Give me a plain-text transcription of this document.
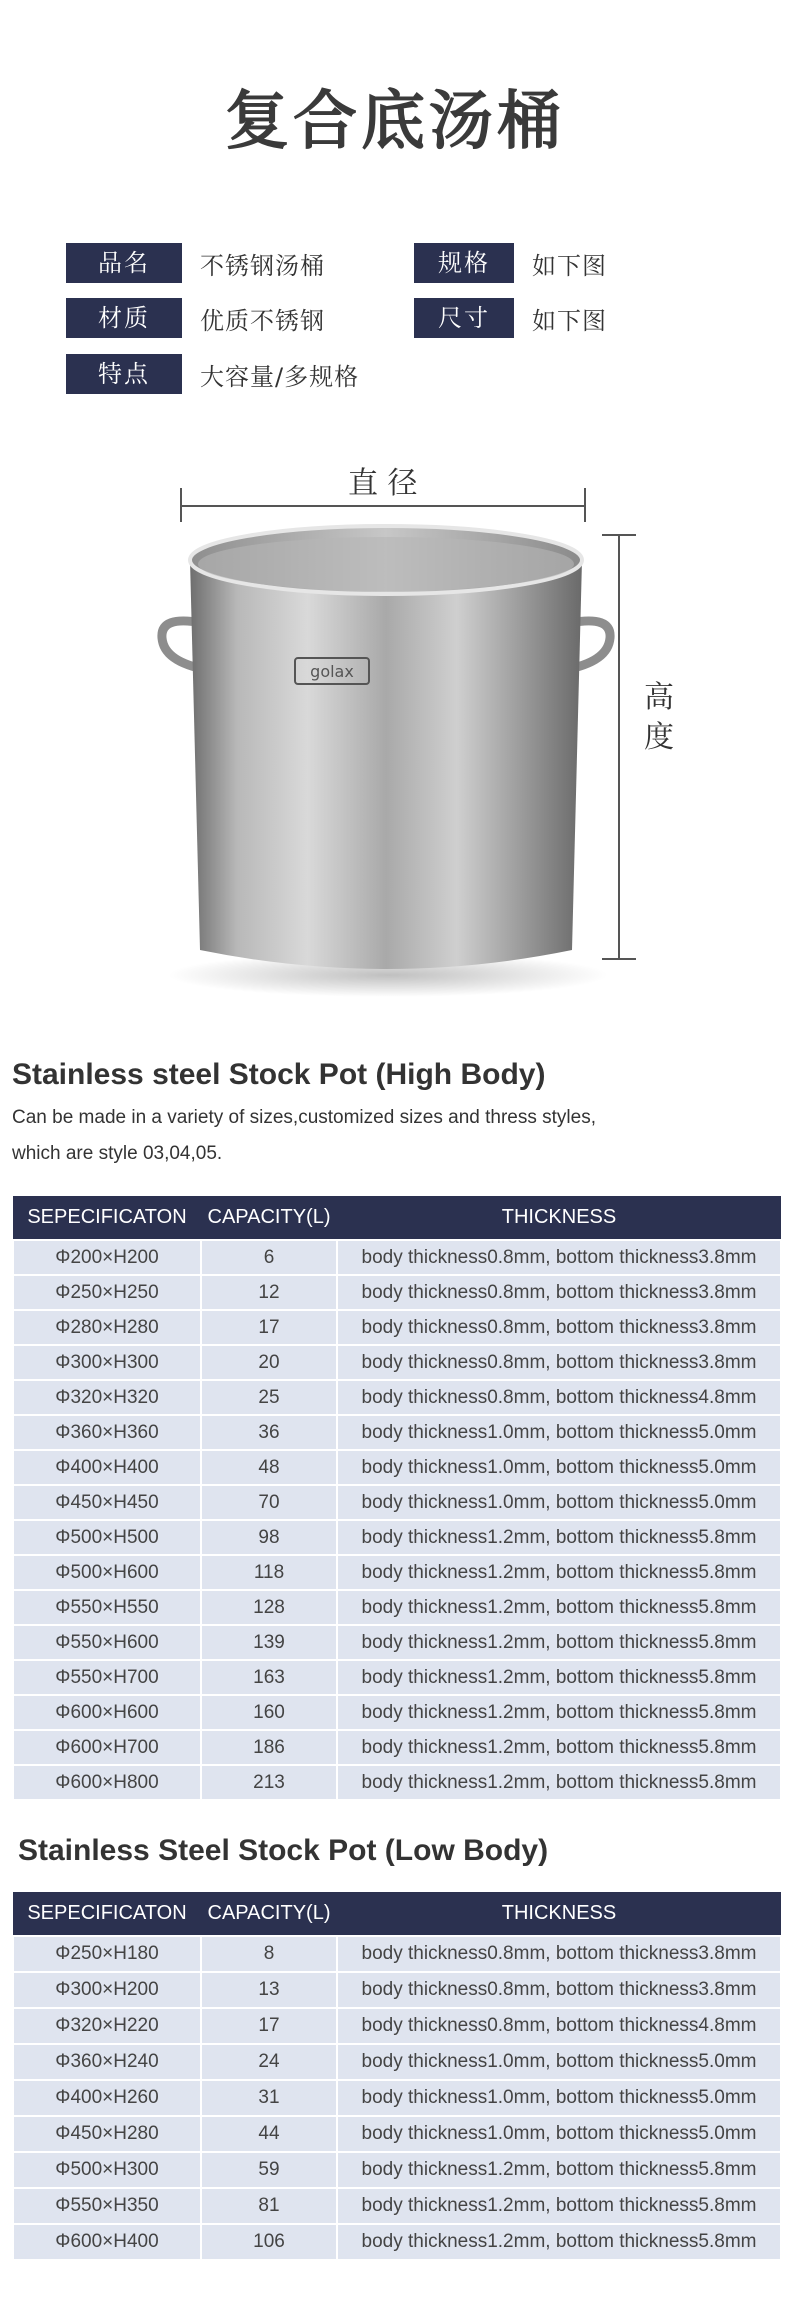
复合底汤桶
品名	不锈钢汤桶	规格	如下图
材质	优质不锈钢	尺寸	如下图
特点	大容量/多规格
直 径
高
度
golax
Stainless steel Stock Pot (High Body)
Can be made in a variety of sizes,customized sizes and thress styles,
which are style 03,04,05.
SEPECIFICATON	CAPACITY(L)	THICKNESS
Φ200×H200	6	body thickness0.8mm, bottom thickness3.8mm
Φ250×H250	12	body thickness0.8mm, bottom thickness3.8mm
Φ280×H280	17	body thickness0.8mm, bottom thickness3.8mm
Φ300×H300	20	body thickness0.8mm, bottom thickness3.8mm
Φ320×H320	25	body thickness0.8mm, bottom thickness4.8mm
Φ360×H360	36	body thickness1.0mm, bottom thickness5.0mm
Φ400×H400	48	body thickness1.0mm, bottom thickness5.0mm
Φ450×H450	70	body thickness1.0mm, bottom thickness5.0mm
Φ500×H500	98	body thickness1.2mm, bottom thickness5.8mm
Φ500×H600	118	body thickness1.2mm, bottom thickness5.8mm
Φ550×H550	128	body thickness1.2mm, bottom thickness5.8mm
Φ550×H600	139	body thickness1.2mm, bottom thickness5.8mm
Φ550×H700	163	body thickness1.2mm, bottom thickness5.8mm
Φ600×H600	160	body thickness1.2mm, bottom thickness5.8mm
Φ600×H700	186	body thickness1.2mm, bottom thickness5.8mm
Φ600×H800	213	body thickness1.2mm, bottom thickness5.8mm
Stainless Steel Stock Pot (Low Body)
SEPECIFICATON	CAPACITY(L)	THICKNESS
Φ250×H180	8	body thickness0.8mm, bottom thickness3.8mm
Φ300×H200	13	body thickness0.8mm, bottom thickness3.8mm
Φ320×H220	17	body thickness0.8mm, bottom thickness4.8mm
Φ360×H240	24	body thickness1.0mm, bottom thickness5.0mm
Φ400×H260	31	body thickness1.0mm, bottom thickness5.0mm
Φ450×H280	44	body thickness1.0mm, bottom thickness5.0mm
Φ500×H300	59	body thickness1.2mm, bottom thickness5.8mm
Φ550×H350	81	body thickness1.2mm, bottom thickness5.8mm
Φ600×H400	106	body thickness1.2mm, bottom thickness5.8mm
